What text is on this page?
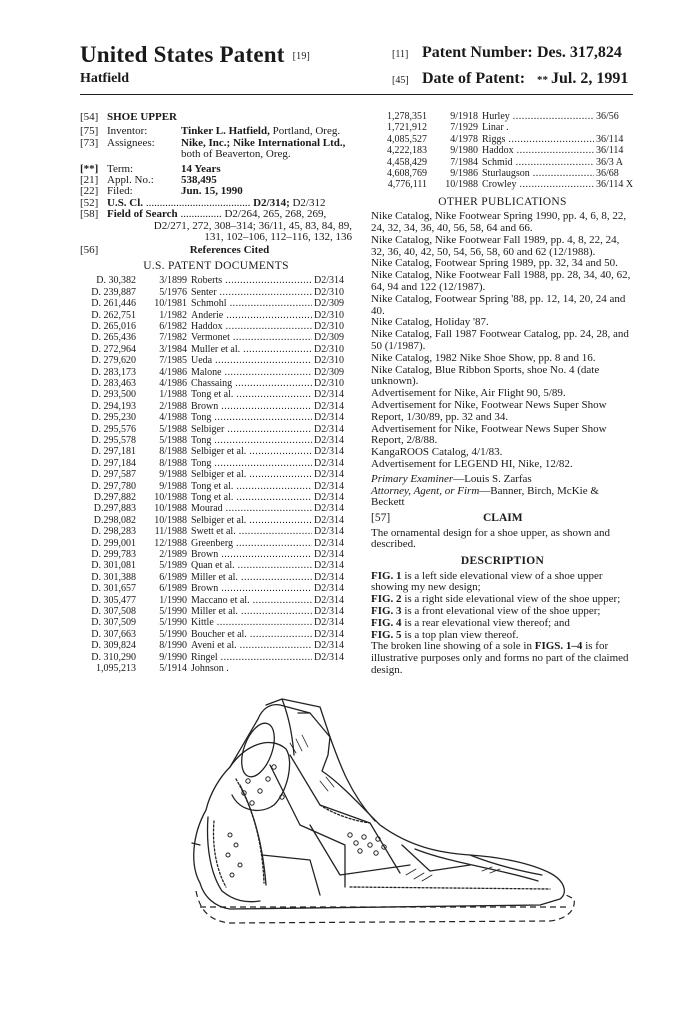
United States Patent [19]
Hatfield
[11] Patent Number: Des. 317,824
[45] Date of Patent: ** Jul. 2, 1991
[54] SHOE UPPER
[75] Inventor:	Tinker L. Hatfield, Portland, Oreg.
[73] Assignees:	Nike, Inc.; Nike International Ltd.,
both of Beaverton, Oreg.
[**] Term:	14 Years
[21] Appl. No.:	538,495
[22] Filed:	Jun. 15, 1990
[52] U.S. Cl. ...................................... D2/314; D2/312
[58] Field of Search ............... D2/264, 265, 268, 269,
D2/271, 272, 308–314; 36/11, 45, 83, 84, 89,
131, 102–106, 112–116, 132, 136
[56]	References Cited
U.S. PATENT DOCUMENTS
D. 30,382	3/1899 Roberts .....	D2/314
D. 239,887	5/1976 Senter .....	D2/310
D. 261,446	10/1981 Schmohl .....	D2/309
D. 262,751	1/1982 Anderie .....	D2/310
D. 265,016	6/1982 Haddox .....	D2/310
D. 265,436	7/1982 Vermonet .....	D2/309
D. 272,964	3/1984 Muller et al. .....	D2/310
D. 279,620	7/1985 Ueda .....	D2/310
D. 283,173	4/1986 Malone .....	D2/309
D. 283,463	4/1986 Chassaing .....	D2/310
D. 293,500	1/1988 Tong et al. .....	D2/314
D. 294,193	2/1988 Brown .....	D2/314
D. 295,230	4/1988 Tong .....	D2/314
D. 295,576	5/1988 Selbiger .....	D2/314
D. 295,578	5/1988 Tong .....	D2/314
D. 297,181	8/1988 Selbiger et al. .....	D2/314
D. 297,184	8/1988 Tong .....	D2/314
D. 297,587	9/1988 Selbiger et al. .....	D2/314
D. 297,780	9/1988 Tong et al. .....	D2/314
D.297,882	10/1988 Tong et al. .....	D2/314
D.297,883	10/1988 Mourad .....	D2/314
D.298,082	10/1988 Selbiger et al. .....	D2/314
D. 298,283	11/1988 Swett et al. .....	D2/314
D. 299,001	12/1988 Greenberg .....	D2/314
D. 299,783	2/1989 Brown .....	D2/314
D. 301,081	5/1989 Quan et al. .....	D2/314
D. 301,388	6/1989 Miller et al. .....	D2/314
D. 301,657	6/1989 Brown .....	D2/314
D. 305,477	1/1990 Maccano et al. .....	D2/314
D. 307,508	5/1990 Miller et al. .....	D2/314
D. 307,509	5/1990 Kittle .....	D2/314
D. 307,663	5/1990 Boucher et al. .....	D2/314
D. 309,824	8/1990 Aveni et al. .....	D2/314
D. 310,290	9/1990 Ringel .....	D2/314
1,095,213	5/1914 Johnson .
1,278,351	9/1918 Hurley .....	36/56
1,721,912	7/1929 Linar .
4,085,527	4/1978 Riggs .....	36/114
4,222,183	9/1980 Haddox .....	36/114
4,458,429	7/1984 Schmid .....	36/3 A
4,608,769	9/1986 Sturlaugson .....	36/68
4,776,111	10/1988 Crowley .....	36/114 X
OTHER PUBLICATIONS
Nike Catalog, Nike Footwear Spring 1990, pp. 4, 6, 8, 22, 24, 32, 34, 36, 40, 56, 58, 64 and 66.
Nike Catalog, Nike Footwear Fall 1989, pp. 4, 8, 22, 24, 32, 36, 40, 42, 50, 54, 56, 58, 60 and 62 (12/1988).
Nike Catalog, Footwear Spring 1989, pp. 32, 34 and 50.
Nike Catalog, Nike Footwear Fall 1988, pp. 28, 34, 40, 62, 64, 94 and 122 (12/1987).
Nike Catalog, Footwear Spring '88, pp. 12, 14, 20, 24 and 40.
Nike Catalog, Holiday '87.
Nike Catalog, Fall 1987 Footwear Catalog, pp. 24, 28, and 50 (1/1987).
Nike Catalog, 1982 Nike Shoe Show, pp. 8 and 16.
Nike Catalog, Blue Ribbon Sports, shoe No. 4 (date unknown).
Advertisement for Nike, Air Flight 90, 5/89.
Advertisement for Nike, Footwear News Super Show Report, 1/30/89, pp. 32 and 34.
Advertisement for Nike, Footwear News Super Show Report, 2/8/88.
KangaROOS Catalog, 4/1/83.
Advertisement for LEGEND HI, Nike, 12/82.
Primary Examiner—Louis S. Zarfas
Attorney, Agent, or Firm—Banner, Birch, McKie & Beckett
[57]	CLAIM
The ornamental design for a shoe upper, as shown and described.
DESCRIPTION
FIG. 1 is a left side elevational view of a shoe upper showing my new design;
FIG. 2 is a right side elevational view of the shoe upper;
FIG. 3 is a front elevational view of the shoe upper;
FIG. 4 is a rear elevational view thereof; and
FIG. 5 is a top plan view thereof.
The broken line showing of a sole in FIGS. 1–4 is for illustrative purposes only and forms no part of the claimed design.
